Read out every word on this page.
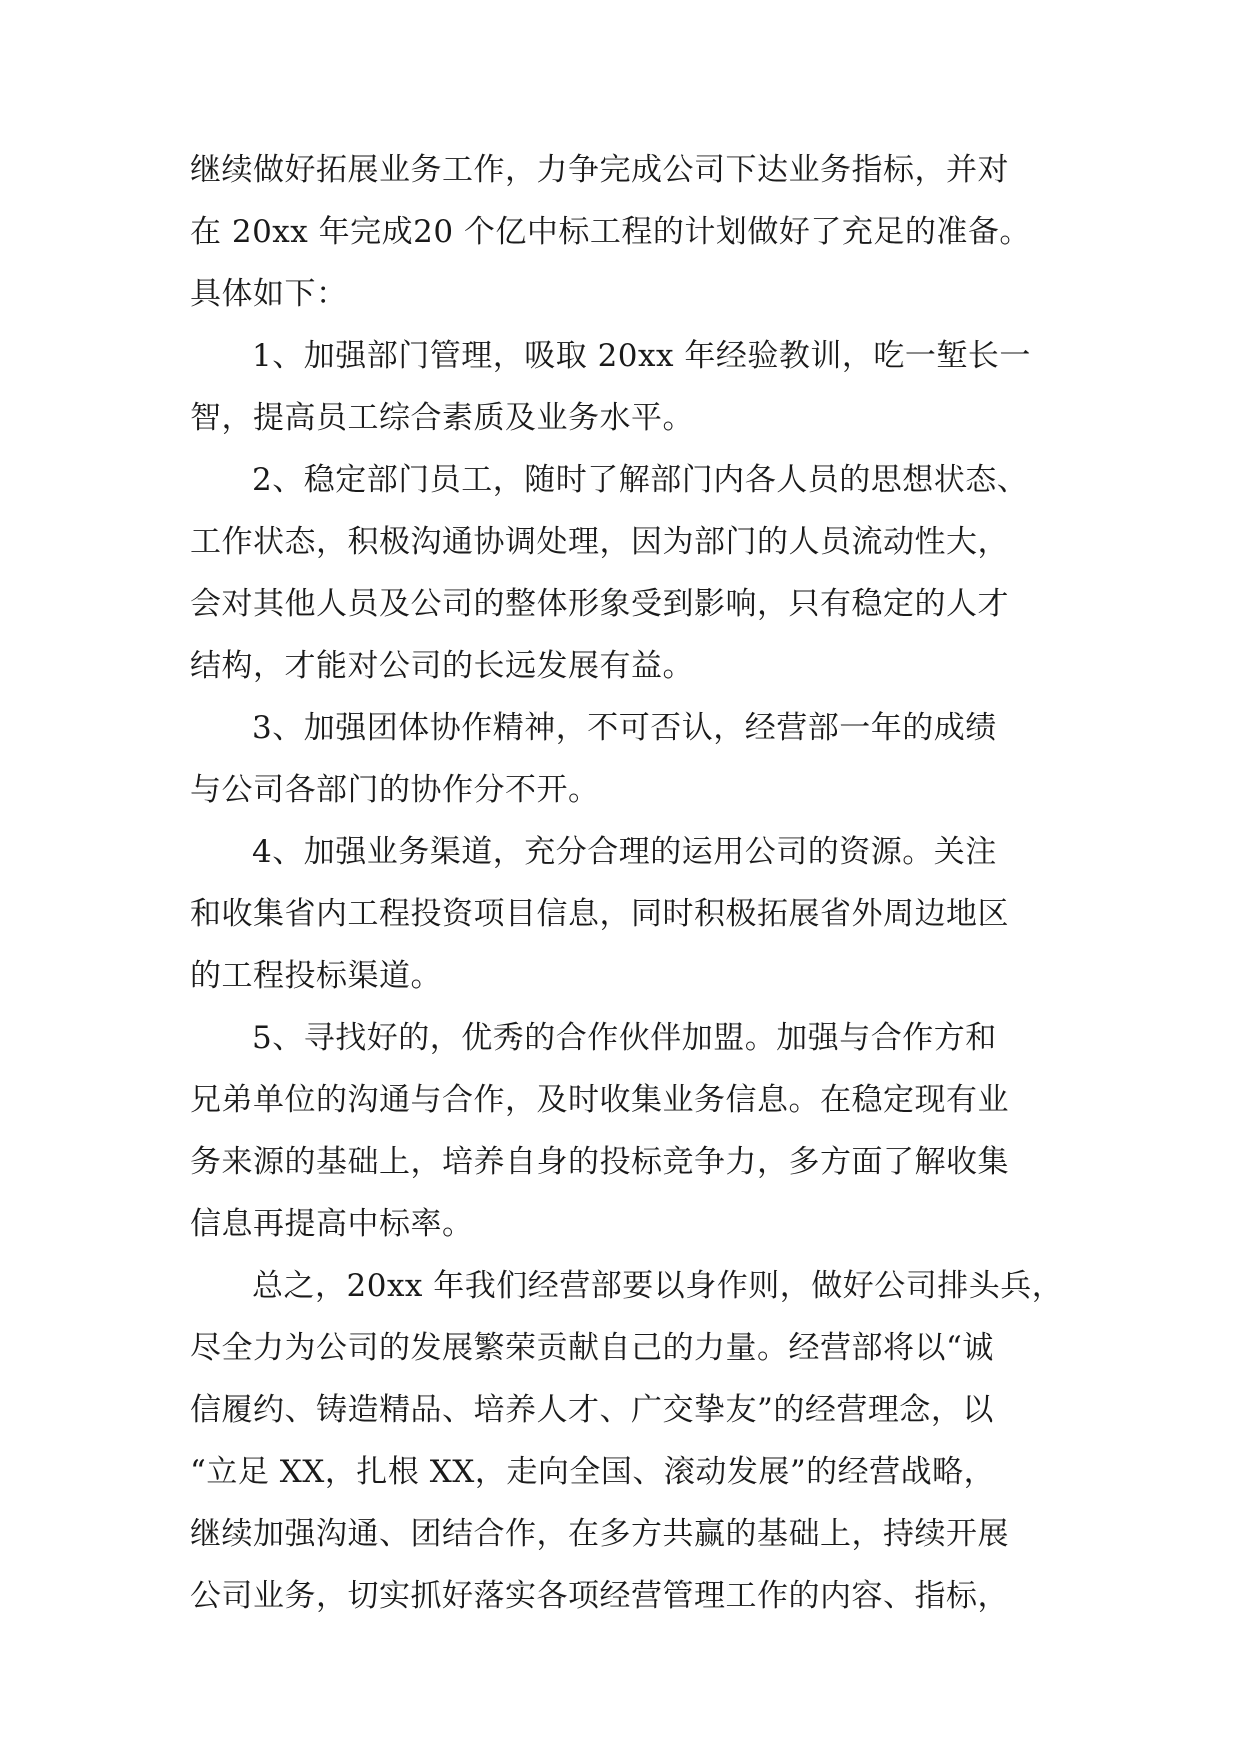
继续做好拓展业务工作，力争完成公司下达业务指标，并对
在 20xx 年完成20 个亿中标工程的计划做好了充足的准备。
具体如下：
1、加强部门管理，吸取 20xx 年经验教训，吃一堑长一
智，提高员工综合素质及业务水平。
2、稳定部门员工，随时了解部门内各人员的思想状态、
工作状态，积极沟通协调处理，因为部门的人员流动性大，
会对其他人员及公司的整体形象受到影响，只有稳定的人才
结构，才能对公司的长远发展有益。
3、加强团体协作精神，不可否认，经营部一年的成绩
与公司各部门的协作分不开。
4、加强业务渠道，充分合理的运用公司的资源。关注
和收集省内工程投资项目信息，同时积极拓展省外周边地区
的工程投标渠道。
5、寻找好的，优秀的合作伙伴加盟。加强与合作方和
兄弟单位的沟通与合作，及时收集业务信息。在稳定现有业
务来源的基础上，培养自身的投标竞争力，多方面了解收集
信息再提高中标率。
总之，20xx 年我们经营部要以身作则，做好公司排头兵，
尽全力为公司的发展繁荣贡献自己的力量。经营部将以“诚
信履约、铸造精品、培养人才、广交挚友”的经营理念，以
“立足 XX，扎根 XX，走向全国、滚动发展”的经营战略，
继续加强沟通、团结合作，在多方共赢的基础上，持续开展
公司业务，切实抓好落实各项经营管理工作的内容、指标，
